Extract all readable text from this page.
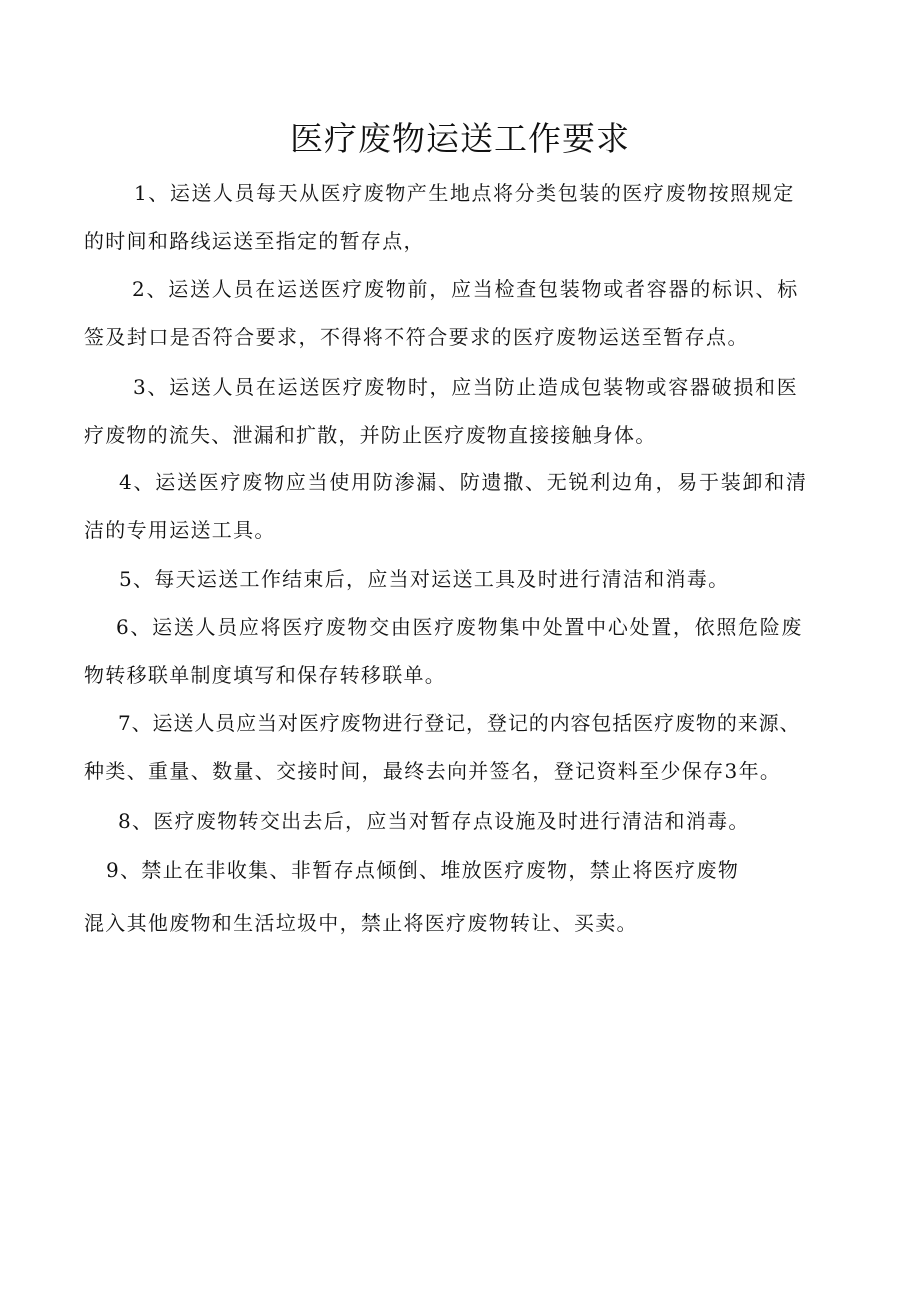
医疗废物运送工作要求
1、运送人员每天从医疗废物产生地点将分类包装的医疗废物按照规定
的时间和路线运送至指定的暂存点，
2、运送人员在运送医疗废物前，应当检查包装物或者容器的标识、标
签及封口是否符合要求，不得将不符合要求的医疗废物运送至暂存点。
3、运送人员在运送医疗废物时，应当防止造成包装物或容器破损和医
疗废物的流失、泄漏和扩散，并防止医疗废物直接接触身体。
4、运送医疗废物应当使用防渗漏、防遗撒、无锐利边角，易于装卸和清
洁的专用运送工具。
5、每天运送工作结束后，应当对运送工具及时进行清洁和消毒。
6、运送人员应将医疗废物交由医疗废物集中处置中心处置，依照危险废
物转移联单制度填写和保存转移联单。
7、运送人员应当对医疗废物进行登记，登记的内容包括医疗废物的来源、
种类、重量、数量、交接时间，最终去向并签名，登记资料至少保存3年。
8、医疗废物转交出去后，应当对暂存点设施及时进行清洁和消毒。
9、禁止在非收集、非暂存点倾倒、堆放医疗废物，禁止将医疗废物
混入其他废物和生活垃圾中，禁止将医疗废物转让、买卖。
